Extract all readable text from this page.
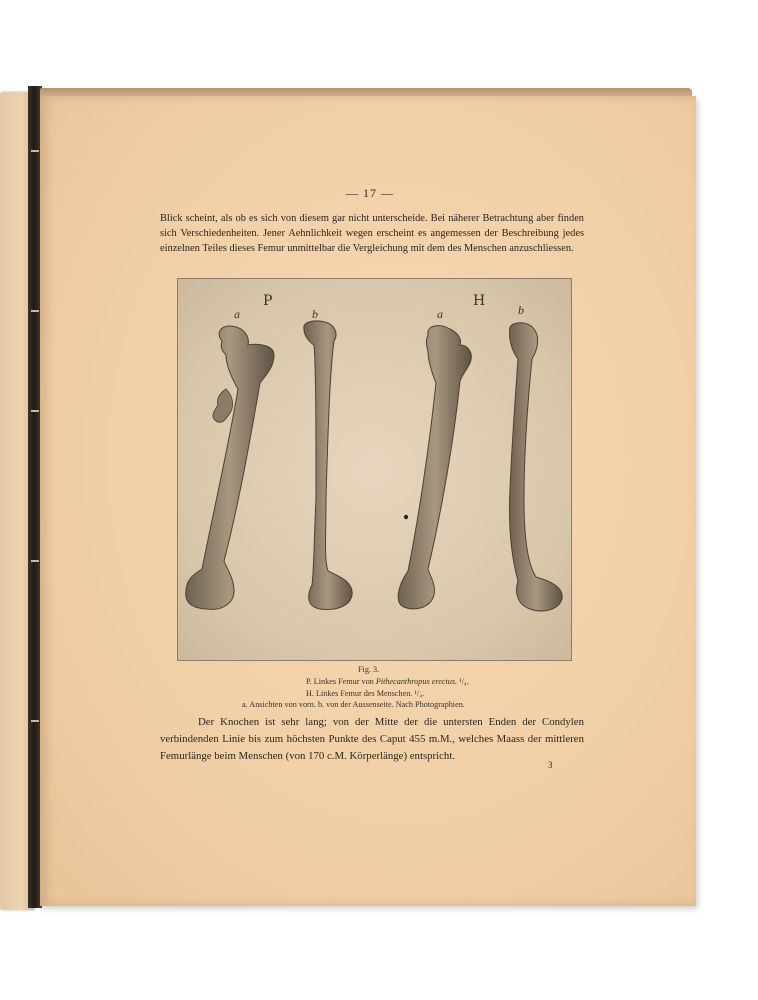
— 17 —
Blick scheint, als ob es sich von diesem gar nicht unterscheide. Bei näherer Betrachtung aber finden sich Verschiedenheiten. Jener Aehnlichkeit wegen erscheint es angemessen der Beschreibung jedes einzelnen Teiles dieses Femur unmittelbar die Vergleichung mit dem des Menschen anzuschliessen.
P	H
a	b	a	b
Fig. 3.
P. Linkes Femur von Pithecanthropus erectus. ¹/₄.
H. Linkes Femur des Menschen. ¹/₄.
a. Ansichten von vorn. b. von der Aussenseite. Nach Photographien.
Der Knochen ist sehr lang; von der Mitte der die untersten Enden der Condylen verbindenden Linie bis zum höchsten Punkte des Caput 455 m.M., welches Maass der mittleren Femurlänge beim Menschen (von 170 c.M. Körperlänge) entspricht.
3
